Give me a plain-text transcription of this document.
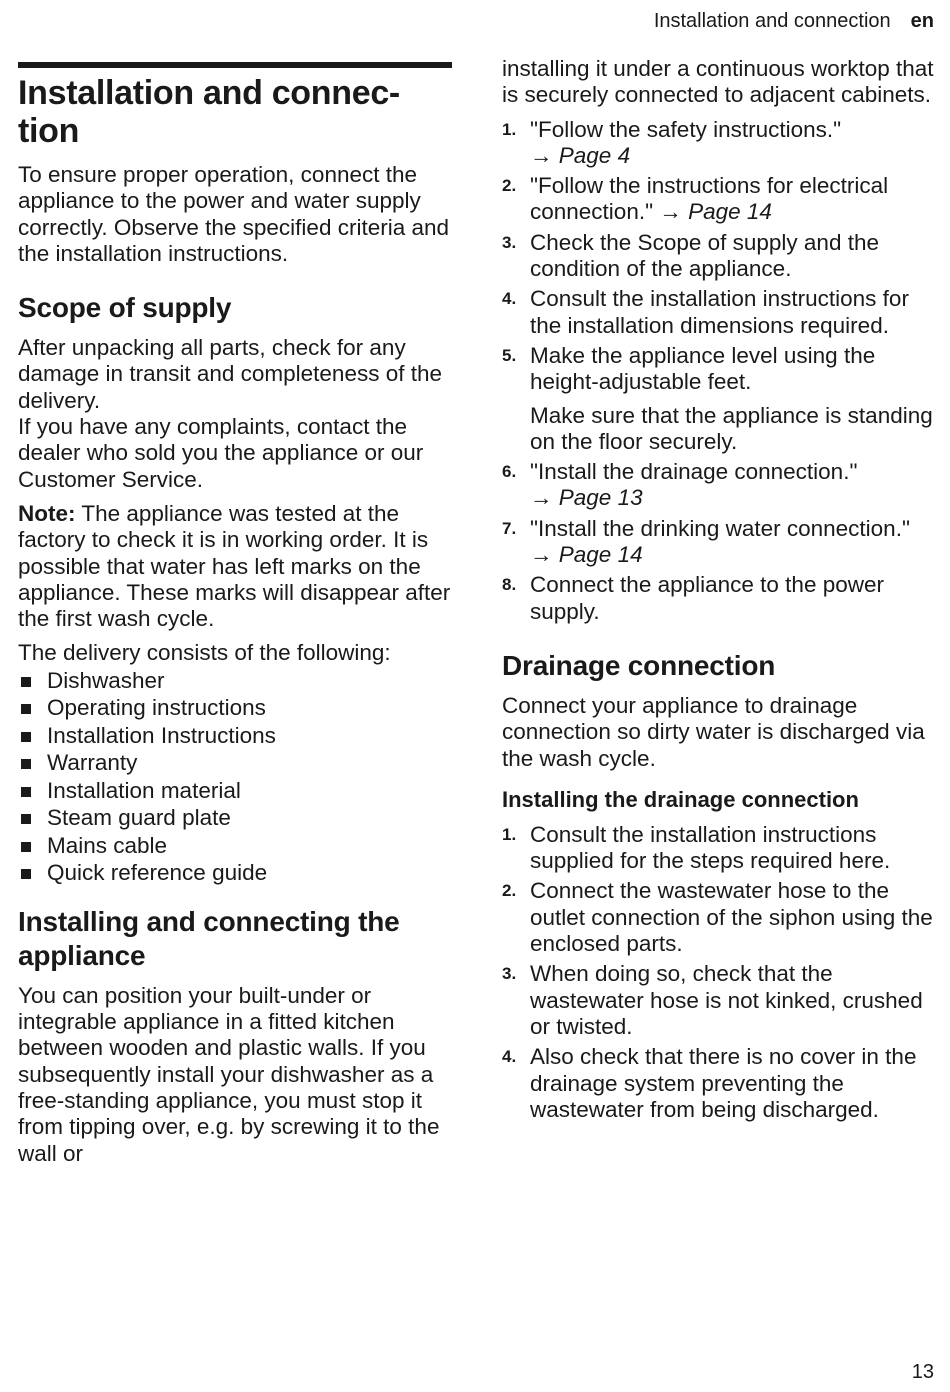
Installation and connection en
Installation and connec-
tion

To ensure proper operation, connect the appliance to the power and water supply correctly. Observe the specified criteria and the installation instructions.

Scope of supply

After unpacking all parts, check for any damage in transit and completeness of the delivery.

If you have any complaints, contact the dealer who sold you the appliance or our Customer Service.

Note: The appliance was tested at the factory to check it is in working order. It is possible that water has left marks on the appliance. These marks will disappear after the first wash cycle.

The delivery consists of the following:

Dishwasher
Operating instructions
Installation Instructions
Warranty
Installation material
Steam guard plate
Mains cable
Quick reference guide
Installing and connecting the
appliance

You can position your built-under or integrable appliance in a fitted kitchen between wooden and plastic walls. If you subsequently install your dishwasher as a free-standing appliance, you must stop it from tipping over, e.g. by screwing it to the wall or

installing it under a continuous worktop that is securely connected to adjacent cabinets.

1. "Follow the safety instructions."
→ Page 4
2. "Follow the instructions for electrical connection." → Page 14
3. Check the Scope of supply and the condition of the appliance.
4. Consult the installation instructions for the installation dimensions required.
5. Make the appliance level using the height-adjustable feet.
Make sure that the appliance is standing on the floor securely.
6. "Install the drainage connection."
→ Page 13
7. "Install the drinking water connection." → Page 14
8. Connect the appliance to the power supply.
Drainage connection

Connect your appliance to drainage connection so dirty water is discharged via the wash cycle.

Installing the drainage connection
1. Consult the installation instructions supplied for the steps required here.
2. Connect the wastewater hose to the outlet connection of the siphon using the enclosed parts.
3. When doing so, check that the wastewater hose is not kinked, crushed or twisted.
4. Also check that there is no cover in the drainage system preventing the wastewater from being discharged.
13
